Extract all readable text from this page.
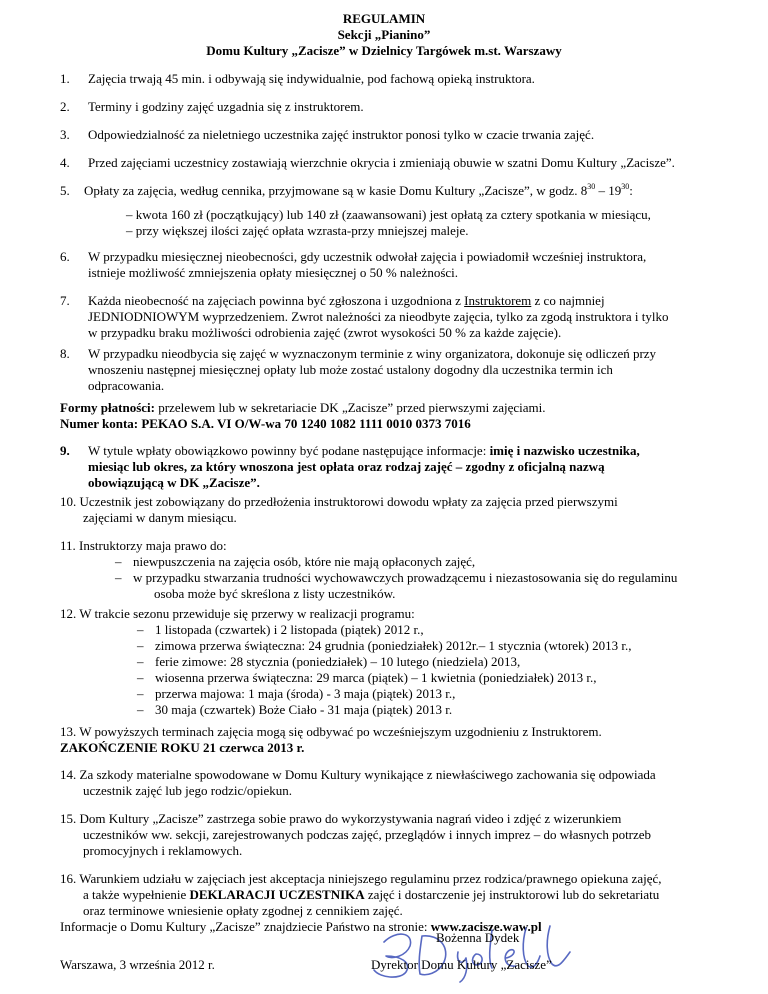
REGULAMIN
Sekcji „Pianino”
Domu Kultury „Zacisze” w Dzielnicy Targówek m.st. Warszawy
1. Zajęcia trwają 45 min. i odbywają się indywidualnie, pod fachową opieką instruktora.
2. Terminy i godziny zajęć uzgadnia się z instruktorem.
3. Odpowiedzialność za nieletniego uczestnika zajęć instruktor ponosi tylko w czacie trwania zajęć.
4. Przed zajęciami uczestnicy zostawiają wierzchnie okrycia i zmieniają obuwie w szatni Domu Kultury „Zacisze”.
5. Opłaty za zajęcia, według cennika, przyjmowane są w kasie Domu Kultury „Zacisze”, w godz. $8^{30} - 19^{30}$:
– kwota 160 zł (początkujący) lub 140 zł (zaawansowani) jest opłatą za cztery spotkania w miesiącu,
– przy większej ilości zajęć opłata wzrasta-przy mniejszej maleje.
6. W przypadku miesięcznej nieobecności, gdy uczestnik odwołał zajęcia i powiadomił wcześniej instruktora,
istnieje możliwość zmniejszenia opłaty miesięcznej o 50 % należności.
7. Każda nieobecność na zajęciach powinna być zgłoszona i uzgodniona z Instruktorem z co najmniej
JEDNIODNIOWYM wyprzedzeniem. Zwrot należności za nieodbyte zajęcia, tylko za zgodą instruktora i tylko
w przypadku braku możliwości odrobienia zajęć (zwrot wysokości 50 % za każde zajęcie).
8. W przypadku nieodbycia się zajęć w wyznaczonym terminie z winy organizatora, dokonuje się odliczeń przy
wnoszeniu następnej miesięcznej opłaty lub może zostać ustalony dogodny dla uczestnika termin ich
odpracowania.
Formy płatności: przelewem lub w sekretariacie DK „Zacisze” przed pierwszymi zajęciami.
Numer konta: PEKAO S.A. VI O/W-wa 70 1240 1082 1111 0010 0373 7016
9. W tytule wpłaty obowiązkowo powinny być podane następujące informacje: imię i nazwisko uczestnika,
miesiąc lub okres, za który wnoszona jest opłata oraz rodzaj zajęć – zgodny z oficjalną nazwą
obowiązującą w DK „Zacisze”.
10. Uczestnik jest zobowiązany do przedłożenia instruktorowi dowodu wpłaty za zajęcia przed pierwszymi
zajęciami w danym miesiącu.
11. Instruktorzy maja prawo do:
– niewpuszczenia na zajęcia osób, które nie mają opłaconych zajęć,
– w przypadku stwarzania trudności wychowawczych prowadzącemu i niezastosowania się do regulaminu
osoba może być skreślona z listy uczestników.
12. W trakcie sezonu przewiduje się przerwy w realizacji programu:
– 1 listopada (czwartek) i 2 listopada (piątek) 2012 r.,
– zimowa przerwa świąteczna: 24 grudnia (poniedziałek) 2012r.– 1 stycznia (wtorek) 2013 r.,
– ferie zimowe: 28 stycznia (poniedziałek) – 10 lutego (niedziela) 2013,
– wiosenna przerwa świąteczna: 29 marca (piątek) – 1 kwietnia (poniedziałek) 2013 r.,
– przerwa majowa: 1 maja (środa) - 3 maja (piątek) 2013 r.,
– 30 maja (czwartek) Boże Ciało - 31 maja (piątek) 2013 r.
13. W powyższych terminach zajęcia mogą się odbywać po wcześniejszym uzgodnieniu z Instruktorem.
ZAKOŃCZENIE ROKU 21 czerwca 2013 r.
14. Za szkody materialne spowodowane w Domu Kultury wynikające z niewłaściwego zachowania się odpowiada
uczestnik zajęć lub jego rodzic/opiekun.
15. Dom Kultury „Zacisze” zastrzega sobie prawo do wykorzystywania nagrań video i zdjęć z wizerunkiem
uczestników ww. sekcji, zarejestrowanych podczas zajęć, przeglądów i innych imprez – do własnych potrzeb
promocyjnych i reklamowych.
16. Warunkiem udziału w zajęciach jest akceptacja niniejszego regulaminu przez rodzica/prawnego opiekuna zajęć,
a także wypełnienie DEKLARACJI UCZESTNIKA zajęć i dostarczenie jej instruktorowi lub do sekretariatu
oraz terminowe wniesienie opłaty zgodnej z cennikiem zajęć.
Informacje o Domu Kultury „Zacisze” znajdziecie Państwo na stronie: www.zacisze.waw.pl
Bożenna Dydek
Warszawa, 3 września 2012 r.	Dyrektor Domu Kultury „Zacisze”
